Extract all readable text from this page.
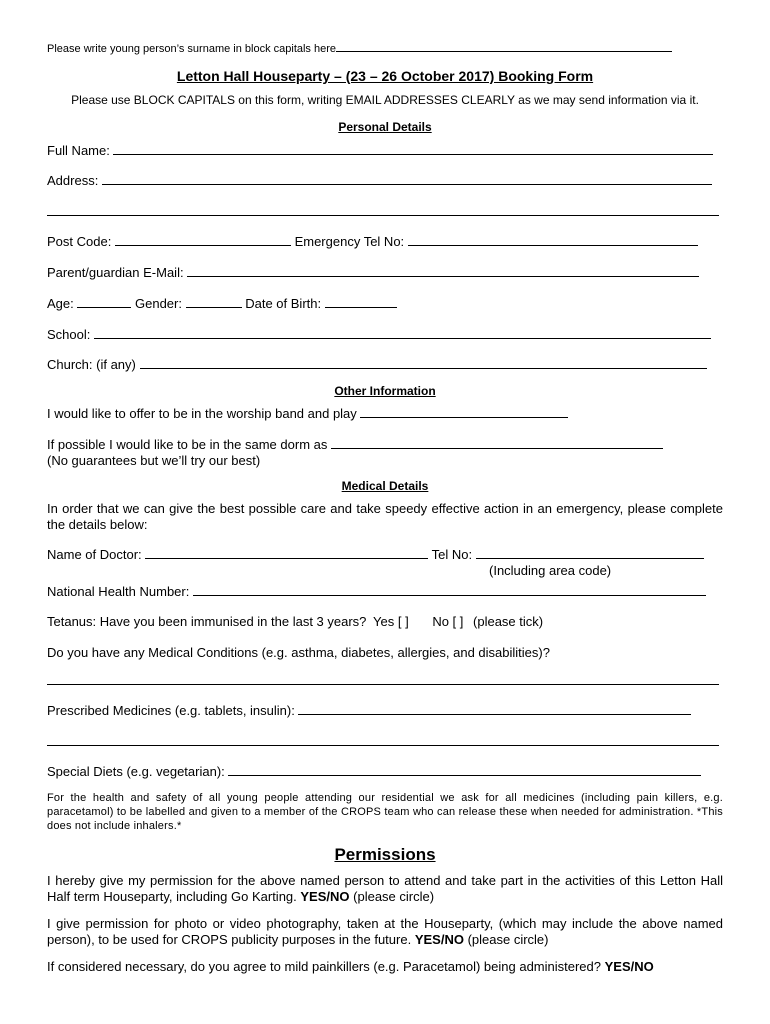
Please write young person’s surname in block capitals here
Letton Hall Houseparty – (23 – 26 October 2017) Booking Form
Please use BLOCK CAPITALS on this form, writing EMAIL ADDRESSES CLEARLY as we may send information via it.
Personal Details
Full Name:
Address:
Post Code:	Emergency Tel No:
Parent/guardian E-Mail:
Age:	Gender:	Date of Birth:
School:
Church: (if any)
Other Information
I would like to offer to be in the worship band and play
If possible I would like to be in the same dorm as
(No guarantees but we’ll try our best)
Medical Details
In order that we can give the best possible care and take speedy effective action in an emergency, please complete the details below:
Name of Doctor:	Tel No:
(Including area code)
National Health Number:
Tetanus: Have you been immunised in the last 3 years? Yes [ ] No [ ] (please tick)
Do you have any Medical Conditions (e.g. asthma, diabetes, allergies, and disabilities)?
Prescribed Medicines (e.g. tablets, insulin):
Special Diets (e.g. vegetarian):
For the health and safety of all young people attending our residential we ask for all medicines (including pain killers, e.g. paracetamol) to be labelled and given to a member of the CROPS team who can release these when needed for administration. *This does not include inhalers.*
Permissions
I hereby give my permission for the above named person to attend and take part in the activities of this Letton Hall Half term Houseparty, including Go Karting. YES/NO (please circle)
I give permission for photo or video photography, taken at the Houseparty, (which may include the above named person), to be used for CROPS publicity purposes in the future. YES/NO (please circle)
If considered necessary, do you agree to mild painkillers (e.g. Paracetamol) being administered? YES/NO
